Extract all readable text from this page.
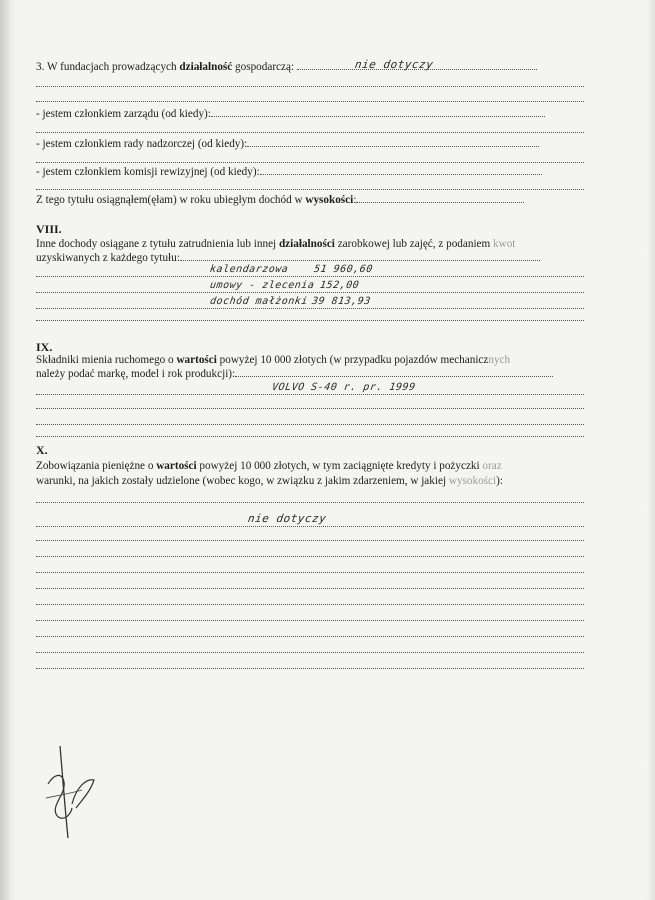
3. W fundacjach prowadzących działalność gospodarczą:	nie dotyczy
- jestem członkiem zarządu (od kiedy):
- jestem członkiem rady nadzorczej (od kiedy):
- jestem członkiem komisji rewizyjnej (od kiedy):
Z tego tytułu osiągnąłem(ęłam) w roku ubiegłym dochód w wysokości:
VIII.
Inne dochody osiągane z tytułu zatrudnienia lub innej działalności zarobkowej lub zajęć, z podaniem kwot
uzyskiwanych z każdego tytułu:
kalendarzowa 51 960,60
umowy - zlecenia 152,00
dochód małżonki 39 813,93
IX.
Składniki mienia ruchomego o wartości powyżej 10 000 złotych (w przypadku pojazdów mechanicznych
należy podać markę, model i rok produkcji):
VOLVO S-40 r. pr. 1999
X.
Zobowiązania pieniężne o wartości powyżej 10 000 złotych, w tym zaciągnięte kredyty i pożyczki oraz
warunki, na jakich zostały udzielone (wobec kogo, w związku z jakim zdarzeniem, w jakiej wysokości):
nie dotyczy
